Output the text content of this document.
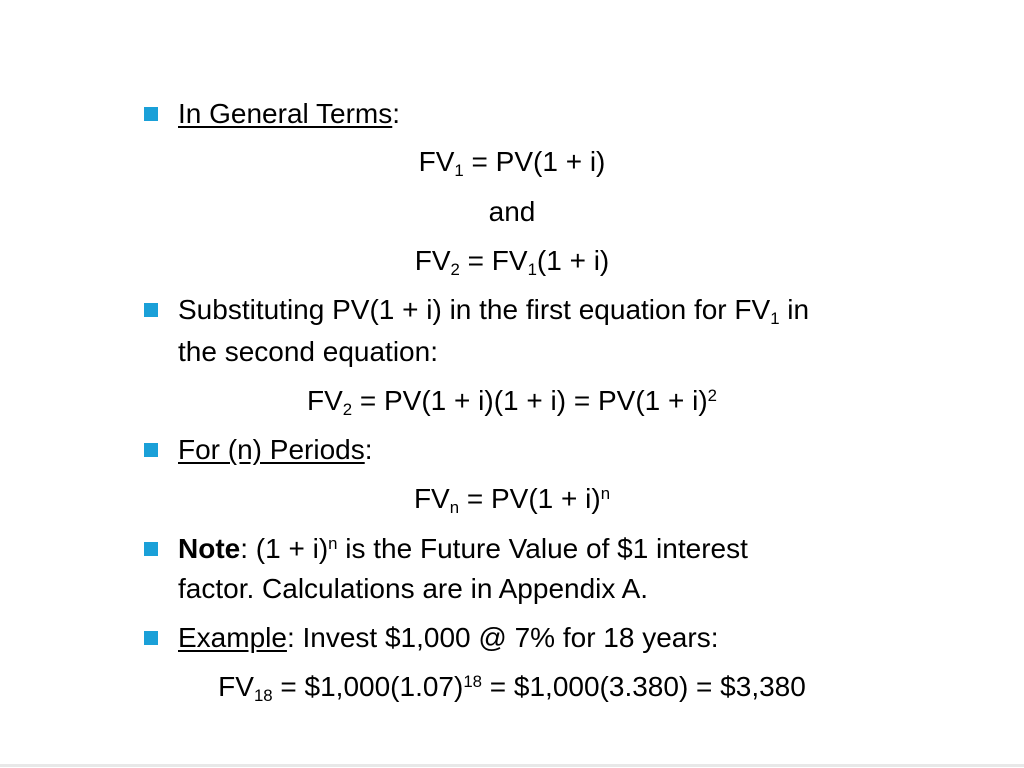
In General Terms:
$FV_1 = PV(1 + i)$
and
$FV_2 = FV_1(1 + i)$
Substituting PV(1 + i) in the first equation for $FV_1$ in
the second equation:
$FV_2 = PV(1 + i)(1 + i) = PV(1 + i)^2$
For (n) Periods:
$FV_n = PV(1 + i)^n$
Note: $(1 + i)^n$ is the Future Value of $1 interest
factor. Calculations are in Appendix A.
Example: Invest $1,000 @ 7% for 18 years:
$FV_{18}$ = $\$1,000(1.07)^{18}$ = $1,000(3.380) = $3,380
